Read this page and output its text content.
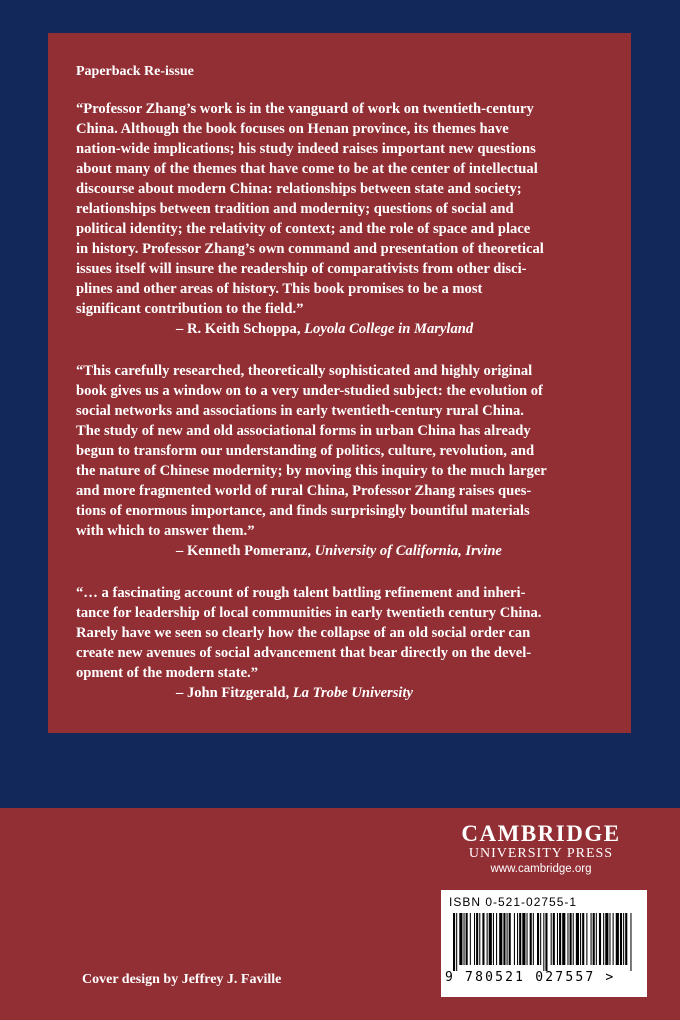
Paperback Re-issue

“Professor Zhang’s work is in the vanguard of work on twentieth-century
China. Although the book focuses on Henan province, its themes have
nation-wide implications; his study indeed raises important new questions
about many of the themes that have come to be at the center of intellectual
discourse about modern China: relationships between state and society;
relationships between tradition and modernity; questions of social and
political identity; the relativity of context; and the role of space and place
in history. Professor Zhang’s own command and presentation of theoretical
issues itself will insure the readership of comparativists from other disci-
plines and other areas of history. This book promises to be a most
significant contribution to the field.”

– R. Keith Schoppa, Loyola College in Maryland

“This carefully researched, theoretically sophisticated and highly original
book gives us a window on to a very under-studied subject: the evolution of
social networks and associations in early twentieth-century rural China.
The study of new and old associational forms in urban China has already
begun to transform our understanding of politics, culture, revolution, and
the nature of Chinese modernity; by moving this inquiry to the much larger
and more fragmented world of rural China, Professor Zhang raises ques-
tions of enormous importance, and finds surprisingly bountiful materials
with which to answer them.”

– Kenneth Pomeranz, University of California, Irvine

“… a fascinating account of rough talent battling refinement and inheri-
tance for leadership of local communities in early twentieth century China.
Rarely have we seen so clearly how the collapse of an old social order can
create new avenues of social advancement that bear directly on the devel-
opment of the modern state.”

– John Fitzgerald, La Trobe University

CAMBRIDGE
UNIVERSITY PRESS
www.cambridge.org
ISBN 0-521-02755-1
9 780521 027557 >
Cover design by Jeffrey J. Faville
